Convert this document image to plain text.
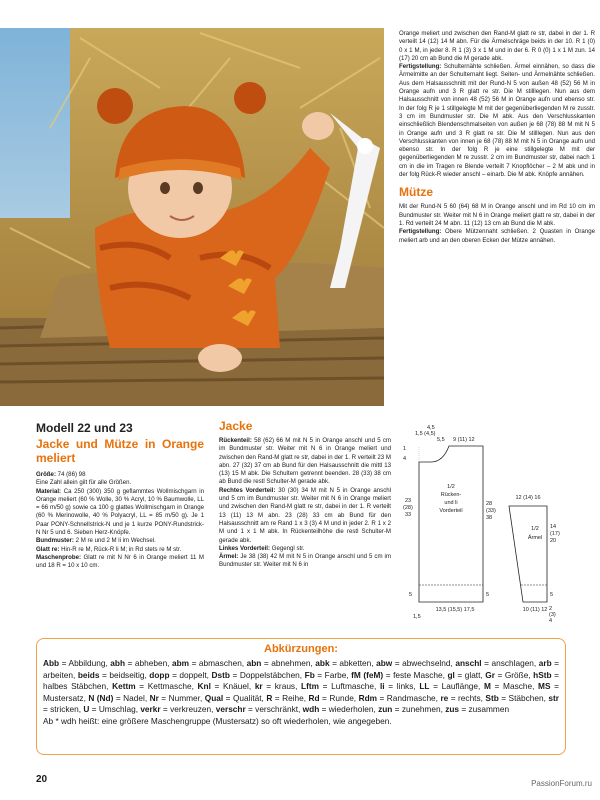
Orange meliert und zwischen den Rand-M glatt re str, dabei in der 1. R verteilt 14 (12) 14 M abn. Für die Ärmelschräge beids in der 10. R 1 (0) 0 x 1 M, in jeder 8. R 1 (3) 3 x 1 M und in der 6. R 0 (0) 1 x 1 M zun. 14 (17) 20 cm ab Bund die M gerade abk.

Fertigstellung: Schulternähte schließen. Ärmel einnähen, so dass die Ärmelmitte an der Schulternaht liegt. Seiten- und Ärmelnähte schließen. Aus dem Halsausschnitt mit der Rund-N 5 von außen 48 (52) 56 M in Orange aufn und 3 R glatt re str. Die M stilllegen. Nun aus dem Halsausschnitt von innen 48 (52) 56 M in Orange aufn und ebenso str. In der folg R je 1 stillgelegte M mit der gegenüberliegenden M re zusstr. 3 cm im Bundmuster str. Die M abk. Aus den Verschlusskanten einschließlich Blendenschmalseiten von außen je 68 (78) 88 M mit N 5 in Orange aufn und 3 R glatt re str. Die M stilllegen. Nun aus den Verschlusskanten von innen je 68 (78) 88 M mit N 5 in Orange aufn und ebenso str. In der folg R je eine stillgelegte M mit der gegenüberliegenden M re zusstr. 2 cm im Bundmuster str, dabei nach 1 cm in die im Tragen re Blende verteilt 7 Knopflöcher – 2 M abk und in der folg Rück-R wieder anschl – einarb. Die M abk. Knöpfe annähen.

Mütze

Mit der Rund-N 5 60 (64) 68 M in Orange anschl und im Rd 10 cm im Bundmuster str. Weiter mit N 6 in Orange meliert glatt re str, dabei in der 1. Rd verteilt 24 M abn. 11 (12) 13 cm ab Bund die M abk.

Fertigstellung: Obere Mützennaht schließen. 2 Quasten in Orange meliert arb und an den oberen Ecken der Mütze annähen.

Modell 22 und 23
Jacke und Mütze in Orange meliert

Größe: 74 (86) 98

Eine Zahl allein gilt für alle Größen.

Material: Ca 250 (300) 350 g geflammtes Wollmischgarn in Orange meliert (60 % Wolle, 30 % Acryl, 10 % Baumwolle, LL = 66 m/50 g) sowie ca 100 g glattes Wollmischgarn in Orange (60 % Merinowolle, 40 % Polyacryl, LL = 85 m/50 g). Je 1 Paar PONY-Schnellstrick-N und je 1 kurze PONY-Rundstrick-N Nr 5 und 6. Sieben Herz-Knöpfe.

Bundmuster: 2 M re und 2 M li im Wechsel.

Glatt re: Hin-R re M, Rück-R li M; in Rd stets re M str.

Maschenprobe: Glatt re mit N Nr 6 in Orange meliert 11 M und 18 R = 10 x 10 cm.

Jacke

Rückenteil: 58 (62) 66 M mit N 5 in Orange anschl und 5 cm im Bundmuster str. Weiter mit N 6 in Orange meliert und zwischen den Rand-M glatt re str, dabei in der 1. R verteilt 23 M abn. 27 (32) 37 cm ab Bund für den Halsausschnitt die mittl 13 (13) 15 M abk. Die Schultern getrennt beenden. 28 (33) 38 cm ab Bund die restl Schulter-M gerade abk.

Rechtes Vorderteil: 30 (30) 34 M mit N 5 in Orange anschl und 5 cm im Bundmuster str. Weiter mit N 6 in Orange meliert und zwischen den Rand-M glatt re str, dabei in der 1. R verteilt 13 (11) 13 M abn. 23 (28) 33 cm ab Bund für den Halsausschnitt am re Rand 1 x 3 (3) 4 M und in jeder 2. R 1 x 2 M und 1 x 1 M abk. In Rückenteilhöhe die restl Schulter-M gerade abk.

Linkes Vorderteil: Gegengl str.

Ärmel: Je 38 (38) 42 M mit N 5 in Orange anschl und 5 cm im Bundmuster str. Weiter mit N 6 in

4,5
1,5 (4,5)
5,5 9 (11) 12
1
4
1/2
Rücken-
und li
Vorderteil
23
(28)
33
28
(33)
38
5	5
13,5 (15,5) 17,5
1,5
12 (14) 16
1/2
Ärmel
14
(17)
20
5
10 (11) 12 2
(3)
4
Abkürzungen:
Abb = Abbildung, abh = abheben, abm = abmaschen, abn = abnehmen, abk = abketten, abw = abwechselnd, anschl = anschlagen, arb = arbeiten, beids = beidseitig, dopp = doppelt, Dstb = Doppelstäbchen, Fb = Farbe, fM (feM) = feste Masche, gl = glatt, Gr = Größe, hStb = halbes Stäbchen, Kettm = Kettmasche, Knl = Knäuel, kr = kraus, Lftm = Luftmasche, li = links, LL = Lauflänge, M = Masche, MS = Mustersatz, N (Nd) = Nadel, Nr = Nummer, Qual = Qualität, R = Reihe, Rd = Runde, Rdm = Randmasche, re = rechts, Stb = Stäbchen, str = stricken, U = Umschlag, verkr = verkreuzen, verschr = verschränkt, wdh = wiederholen, zun = zunehmen, zus = zusammen
Ab * wdh heißt: eine größere Maschengruppe (Mustersatz) so oft wiederholen, wie angegeben.
20	PassionForum.ru
